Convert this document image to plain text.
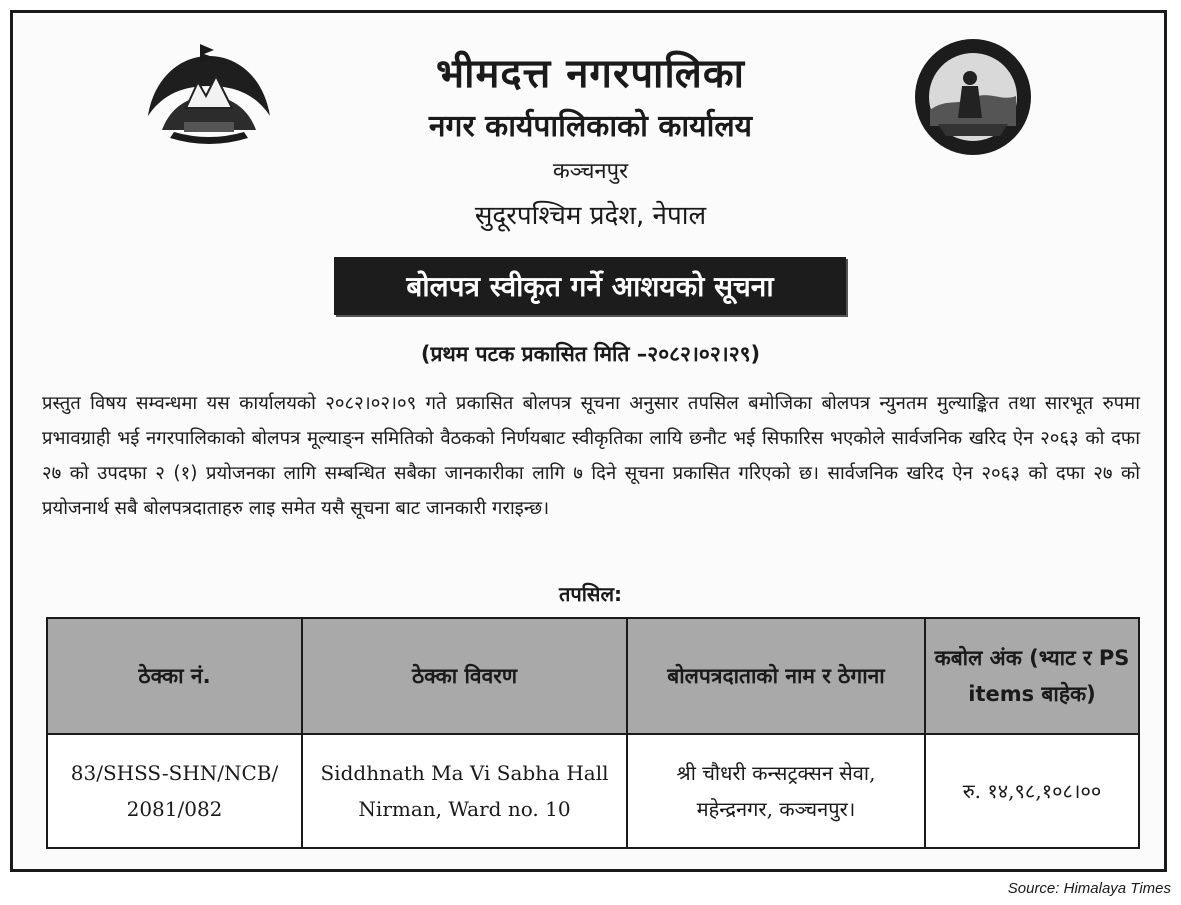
भीमदत्त नगरपालिका
नगर कार्यपालिकाको कार्यालय
कञ्चनपुर
सुदूरपश्चिम प्रदेश, नेपाल
बोलपत्र स्वीकृत गर्ने आशयको सूचना
(प्रथम पटक प्रकासित मिति –२०८२।०२।२९)
प्रस्तुत विषय सम्वन्धमा यस कार्यालयको २०८२।०२।०९ गते प्रकासित बोलपत्र सूचना अनुसार तपसिल बमोजिका बोलपत्र न्युनतम मुल्याङ्कित तथा सारभूत रुपमा प्रभावग्राही भई नगरपालिकाको बोलपत्र मूल्याङ्न समितिको वैठकको निर्णयबाट स्वीकृतिका लायि छनौट भई सिफारिस भएकोले सार्वजनिक खरिद ऐन २०६३ को दफा २७ को उपदफा २ (१) प्रयोजनका लागि सम्बन्धित सबैका जानकारीका लागि ७ दिने सूचना प्रकासित गरिएको छ। सार्वजनिक खरिद ऐन २०६३ को दफा २७ को प्रयोजनार्थ सबै बोलपत्रदाताहरु लाइ समेत यसै सूचना बाट जानकारी गराइन्छ।
तपसिल:
ठेक्का नं.	ठेक्का विवरण	बोलपत्रदाताको नाम र ठेगाना	कबोल अंक (भ्याट र PS items बाहेक)
83/SHSS-SHN/NCB/ 2081/082	Siddhnath Ma Vi Sabha Hall Nirman, Ward no. 10	श्री चौधरी कन्सट्रक्सन सेवा, महेन्द्रनगर, कञ्चनपुर।	रु. १४,९८,१०८।००
Source: Himalaya Times
